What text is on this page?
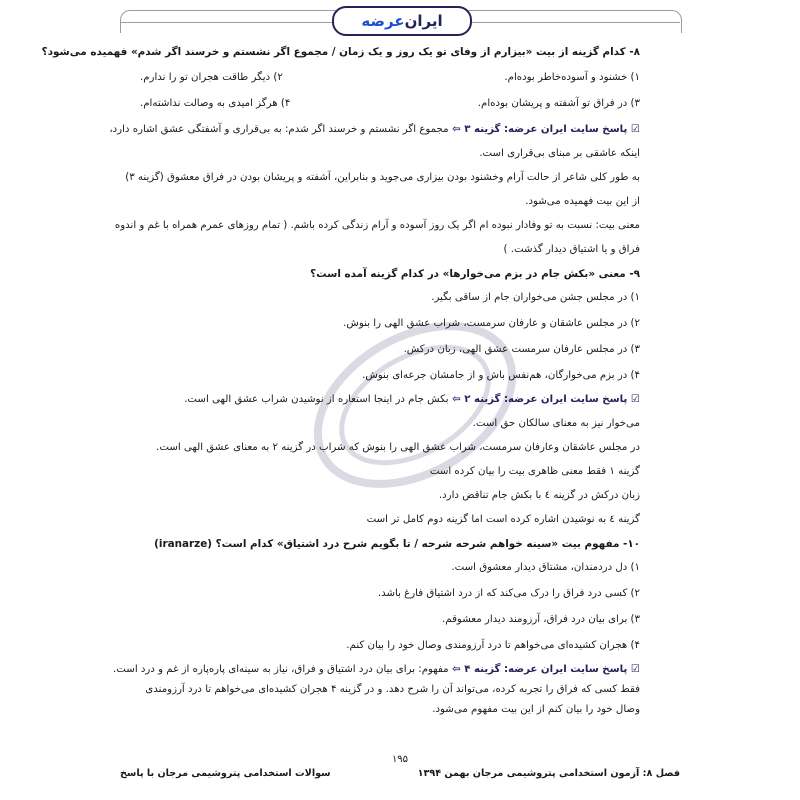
ایران
عرضه

٨- کدام گزینه از بیت «بیزارم از وفای تو یک روز و یک زمان / مجموع اگر نشستم و خرسند اگر شدم» فهمیده می‌شود؟

۱) خشنود و آسوده‌خاطر بوده‌ام.
۲) دیگر طاقت هجران تو را ندارم.
۳) در فراق تو آشفته و پریشان بوده‌ام.
۴) هرگز امیدی به وصالت نداشته‌ام.

☑ پاسخ سایت ایران عرضه: گزینه ۳ ⇦ مجموع اگر نشستم و خرسند اگر شدم: به بی‌قراری و آشفتگی عشق اشاره دارد،

اینکه عاشقی بر مبنای بی‌قراری است.

به طور کلی شاعر از حالت آرام وخشنود بودن بیزاری می‌جوید و بنابراین، آشفته و پریشان بودن در فراق معشوق (گزینه ۳)

از این بیت فهمیده می‌شود.

معنی بیت: نسبت به تو وفادار نبوده ام اگر یک روز آسوده و آرام زندگی کرده باشم. ( تمام روزهای عمرم همراه با غم و اندوه

فراق و یا اشتیاق دیدار گذشت. )

٩- معنی «بکش جام در بزم می‌خوارها» در کدام گزینه آمده است؟

۱) در مجلس جشن می‌خواران جام از ساقی بگیر.

۲) در مجلس عاشقان و عارفان سرمست، شراب عشق الهی را بنوش.

۳) در مجلس عارفان سرمست عشق الهی، زبان درکش.

۴) در بزم می‌خوارگان، هم‌نفس باش و از جامشان جرعه‌ای بنوش.

☑ پاسخ سایت ایران عرضه: گزینه ۲ ⇦ بکش جام در اینجا استعاره از نوشیدن شراب عشق الهی است.

می‌خوار نیز به معنای سالکان حق است.

در مجلس عاشقان وعارفان سرمست، شراب عشق الهی را بنوش که شراب در گزینه ۲ به معنای عشق الهی است.

گزینه ۱ فقط معنی ظاهری بیت را بیان کرده است

زبان درکش در گزینه ٤ با بکش جام تناقض دارد.

گزینه ٤ به نوشیدن اشاره کرده است اما گزینه دوم کامل تر است

١٠- مفهوم بیت «سینه خواهم شرحه شرحه / تا بگویم شرح درد اشتیاق» کدام است؟ (iranarze)

۱) دل دردمندان، مشتاق دیدار معشوق است.

۲) کسی درد فراق را درک می‌کند که از درد اشتیاق فارغ باشد.

۳) برای بیان درد فراق، آرزومند دیدار معشوقم.

۴) هجران کشیده‌ای می‌خواهم تا درد آرزومندی وصال خود را بیان کنم.

☑ پاسخ سایت ایران عرضه: گزینه ۴ ⇦ مفهوم: برای بیان درد اشتیاق و فراق، نیاز به سینه‌ای پاره‌پاره از غم و درد است.

فقط کسی که فراق را تجربه کرده، می‌تواند آن را شرح دهد. و در گزینه ۴ هجران کشیده‌ای می‌خواهم تا درد آرزومندی

وصال خود را بیان کنم از این بیت مفهوم می‌شود.

۱۹۵
فصل ۸: آزمون استخدامی پتروشیمی مرجان بهمن ۱۳۹۴
سوالات استخدامی پتروشیمی مرجان با پاسخ
